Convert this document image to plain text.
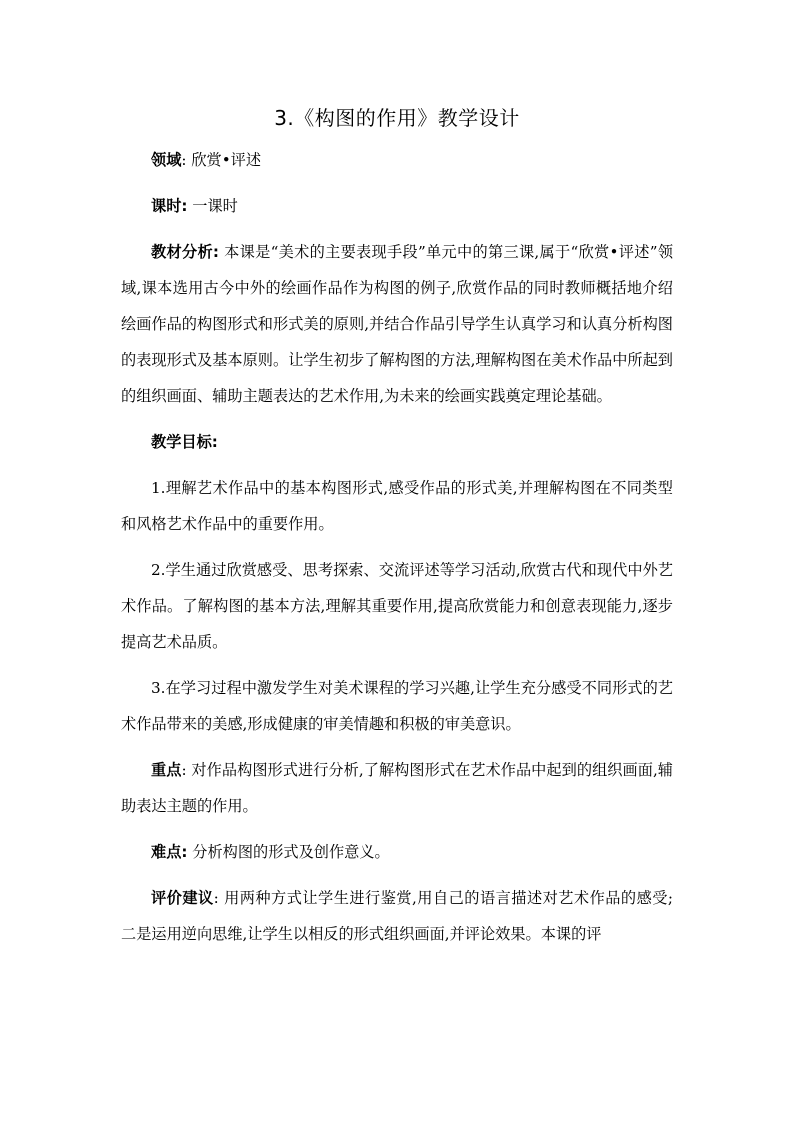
3.《构图的作用》教学设计

领域: 欣赏•评述

课时: 一课时

教材分析: 本课是“美术的主要表现手段”单元中的第三课,属于“欣赏•评述”领域,课本选用古今中外的绘画作品作为构图的例子,欣赏作品的同时教师概括地介绍绘画作品的构图形式和形式美的原则,并结合作品引导学生认真学习和认真分析构图的表现形式及基本原则。让学生初步了解构图的方法,理解构图在美术作品中所起到的组织画面、辅助主题表达的艺术作用,为未来的绘画实践奠定理论基础。

教学目标:

1.理解艺术作品中的基本构图形式,感受作品的形式美,并理解构图在不同类型和风格艺术作品中的重要作用。

2.学生通过欣赏感受、思考探索、交流评述等学习活动,欣赏古代和现代中外艺术作品。了解构图的基本方法,理解其重要作用,提高欣赏能力和创意表现能力,逐步提高艺术品质。

3.在学习过程中激发学生对美术课程的学习兴趣,让学生充分感受不同形式的艺术作品带来的美感,形成健康的审美情趣和积极的审美意识。

重点: 对作品构图形式进行分析,了解构图形式在艺术作品中起到的组织画面,辅助表达主题的作用。

难点: 分析构图的形式及创作意义。

评价建议: 用两种方式让学生进行鉴赏,用自己的语言描述对艺术作品的感受; 二是运用逆向思维,让学生以相反的形式组织画面,并评论效果。本课的评
